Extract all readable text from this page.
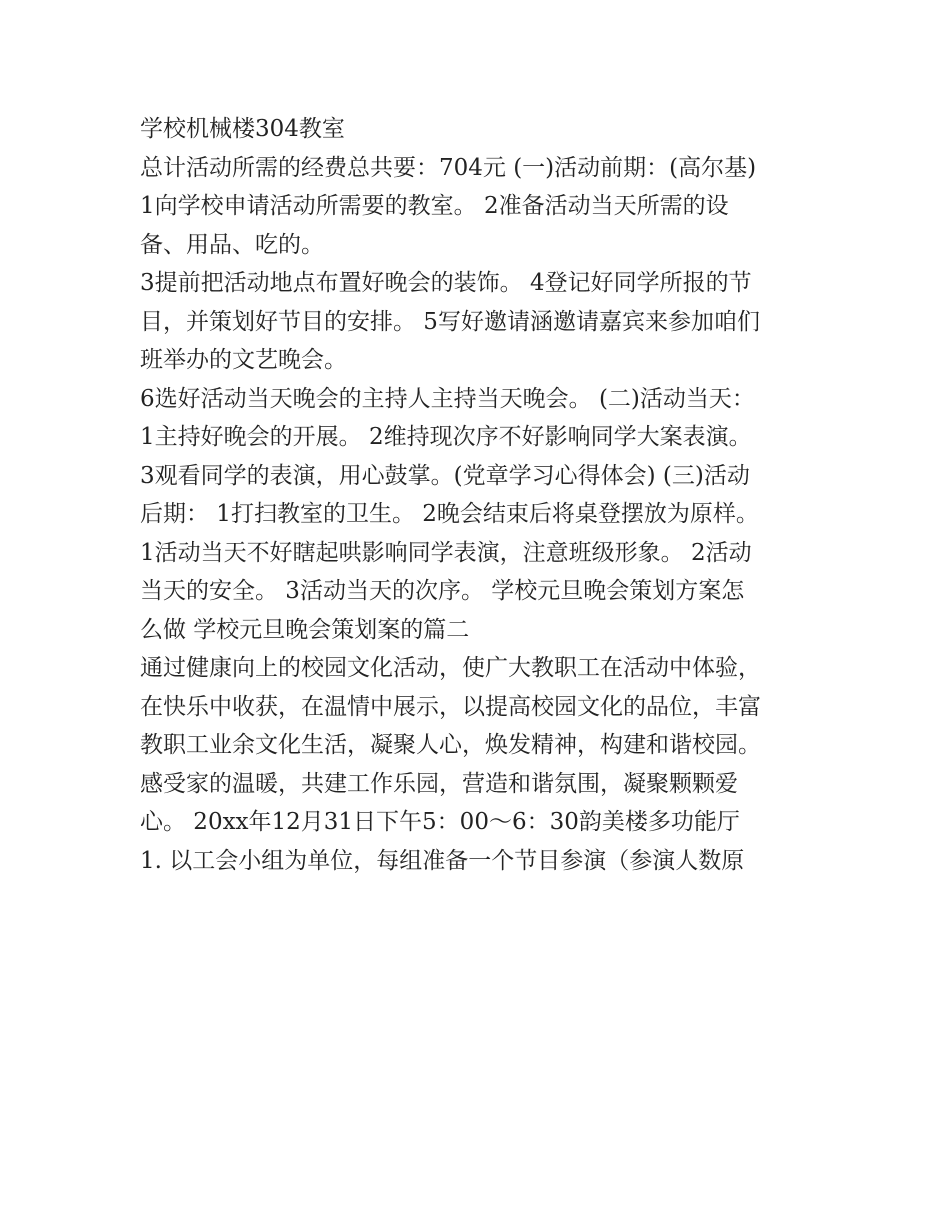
学校机械楼304教室

总计活动所需的经费总共要：704元 (一)活动前期：(高尔基)

1向学校申请活动所需要的教室。 2准备活动当天所需的设

备、用品、吃的。

3提前把活动地点布置好晚会的装饰。 4登记好同学所报的节

目，并策划好节目的安排。 5写好邀请涵邀请嘉宾来参加咱们

班举办的文艺晚会。

6选好活动当天晚会的主持人主持当天晚会。 (二)活动当天：

1主持好晚会的开展。 2维持现次序不好影响同学大案表演。

3观看同学的表演，用心鼓掌。(党章学习心得体会) (三)活动

后期： 1打扫教室的卫生。 2晚会结束后将桌登摆放为原样。

1活动当天不好瞎起哄影响同学表演，注意班级形象。 2活动

当天的安全。 3活动当天的次序。 学校元旦晚会策划方案怎

么做 学校元旦晚会策划案的篇二

通过健康向上的校园文化活动，使广大教职工在活动中体验，

在快乐中收获，在温情中展示，以提高校园文化的品位，丰富

教职工业余文化生活，凝聚人心，焕发精神，构建和谐校园。

感受家的温暖，共建工作乐园，营造和谐氛围，凝聚颗颗爱

心。 20xx年12月31日下午5：00～6：30韵美楼多功能厅

1. 以工会小组为单位，每组准备一个节目参演（参演人数原
